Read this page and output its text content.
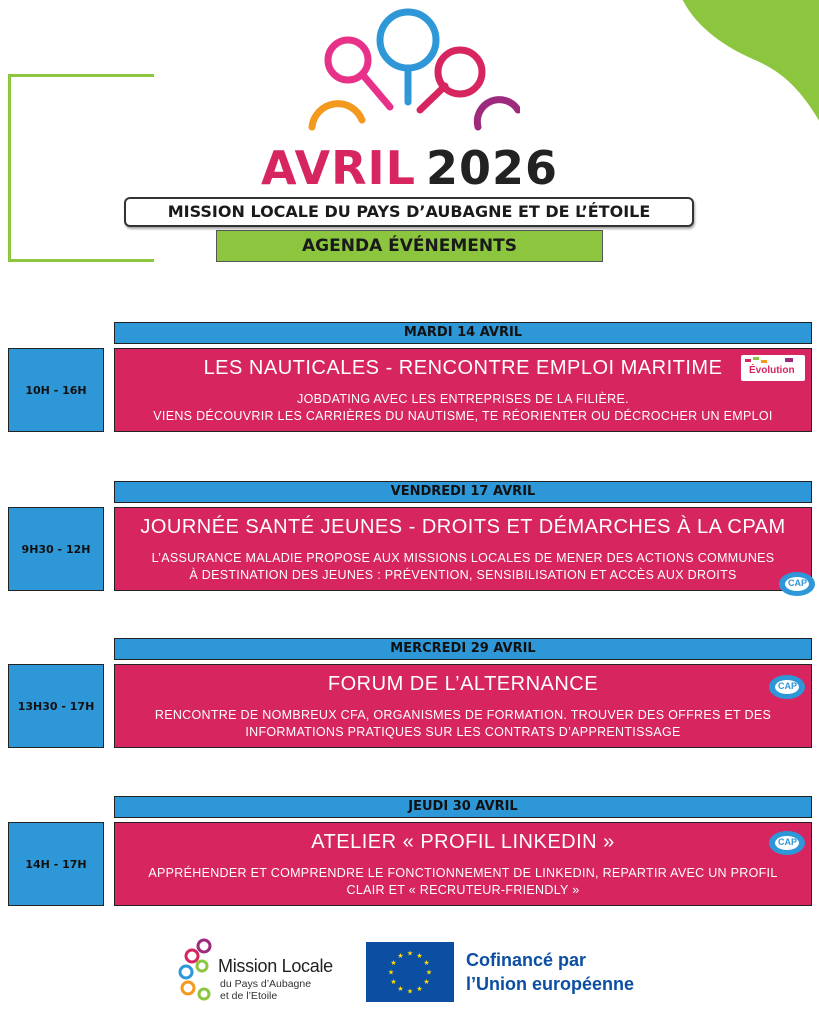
AVRIL 2026
MISSION LOCALE DU PAYS D’AUBAGNE ET DE L’ÉTOILE
AGENDA ÉVÉNEMENTS
MARDI 14 AVRIL
10H - 16H
LES NAUTICALES - RENCONTRE EMPLOI MARITIME
JOBDATING AVEC LES ENTREPRISES DE LA FILIÈRE.
VIENS DÉCOUVRIR LES CARRIÈRES DU NAUTISME, TE RÉORIENTER OU DÉCROCHER UN EMPLOI
Évolution
VENDREDI 17 AVRIL
9H30 - 12H
JOURNÉE SANTÉ JEUNES - DROITS ET DÉMARCHES À LA CPAM
L’ASSURANCE MALADIE PROPOSE AUX MISSIONS LOCALES DE MENER DES ACTIONS COMMUNES
À DESTINATION DES JEUNES : PRÉVENTION, SENSIBILISATION ET ACCÈS AUX DROITS
CAP
MERCREDI 29 AVRIL
13H30 - 17H
FORUM DE L’ALTERNANCE
RENCONTRE DE NOMBREUX CFA, ORGANISMES DE FORMATION. TROUVER DES OFFRES ET DES
INFORMATIONS PRATIQUES SUR LES CONTRATS D’APPRENTISSAGE
CAP
JEUDI 30 AVRIL
14H - 17H
ATELIER « PROFIL LINKEDIN »
APPRÉHENDER ET COMPRENDRE LE FONCTIONNEMENT DE LINKEDIN, REPARTIR AVEC UN PROFIL
CLAIR ET « RECRUTEUR-FRIENDLY »
CAP
Mission Locale
du Pays d’Aubagne
et de l’Etoile
★
★
★
★
★
★
★
★
★ ★ ★
★ Cofinancé par
l’Union européenne
